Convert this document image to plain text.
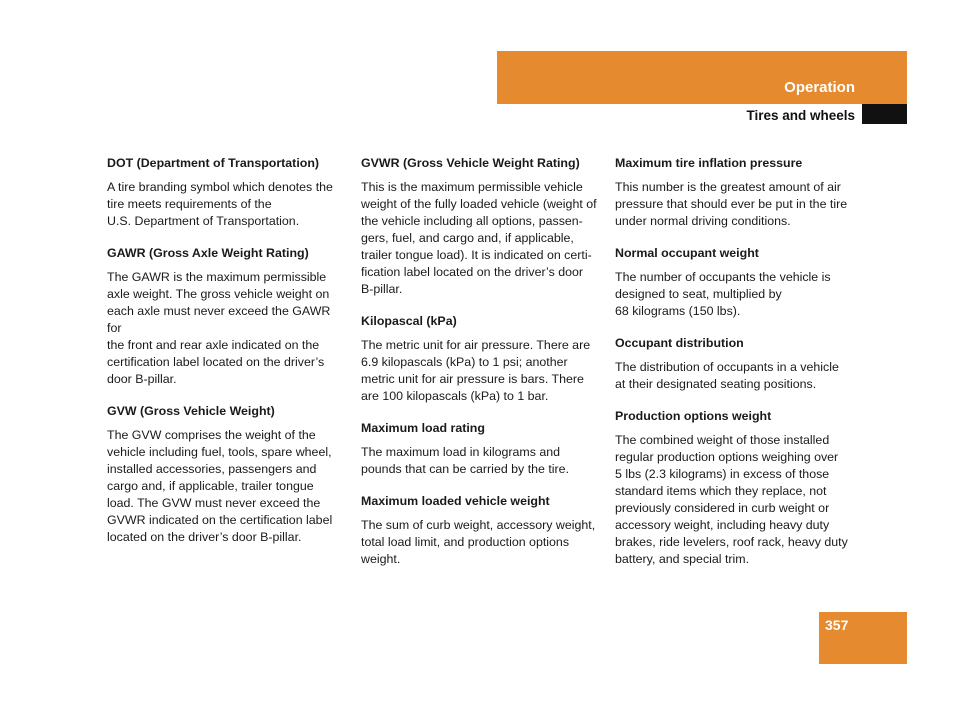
Operation
Tires and wheels

DOT (Department of Transportation)

A tire branding symbol which denotes the
tire meets requirements of the
U.S. Department of Transportation.

GAWR (Gross Axle Weight Rating)

The GAWR is the maximum permissible
axle weight. The gross vehicle weight on
each axle must never exceed the GAWR for
the front and rear axle indicated on the
certification label located on the driver’s
door B-pillar.

GVW (Gross Vehicle Weight)

The GVW comprises the weight of the
vehicle including fuel, tools, spare wheel,
installed accessories, passengers and
cargo and, if applicable, trailer tongue
load. The GVW must never exceed the
GVWR indicated on the certification label
located on the driver’s door B-pillar.

GVWR (Gross Vehicle Weight Rating)

This is the maximum permissible vehicle
weight of the fully loaded vehicle (weight of
the vehicle including all options, passen-
gers, fuel, and cargo and, if applicable,
trailer tongue load). It is indicated on certi-
fication label located on the driver’s door
B-pillar.

Kilopascal (kPa)

The metric unit for air pressure. There are
6.9 kilopascals (kPa) to 1 psi; another
metric unit for air pressure is bars. There
are 100 kilopascals (kPa) to 1 bar.

Maximum load rating

The maximum load in kilograms and
pounds that can be carried by the tire.

Maximum loaded vehicle weight

The sum of curb weight, accessory weight,
total load limit, and production options
weight.

Maximum tire inflation pressure

This number is the greatest amount of air
pressure that should ever be put in the tire
under normal driving conditions.

Normal occupant weight

The number of occupants the vehicle is
designed to seat, multiplied by
68 kilograms (150 lbs).

Occupant distribution

The distribution of occupants in a vehicle
at their designated seating positions.

Production options weight

The combined weight of those installed
regular production options weighing over
5 lbs (2.3 kilograms) in excess of those
standard items which they replace, not
previously considered in curb weight or
accessory weight, including heavy duty
brakes, ride levelers, roof rack, heavy duty
battery, and special trim.

357
